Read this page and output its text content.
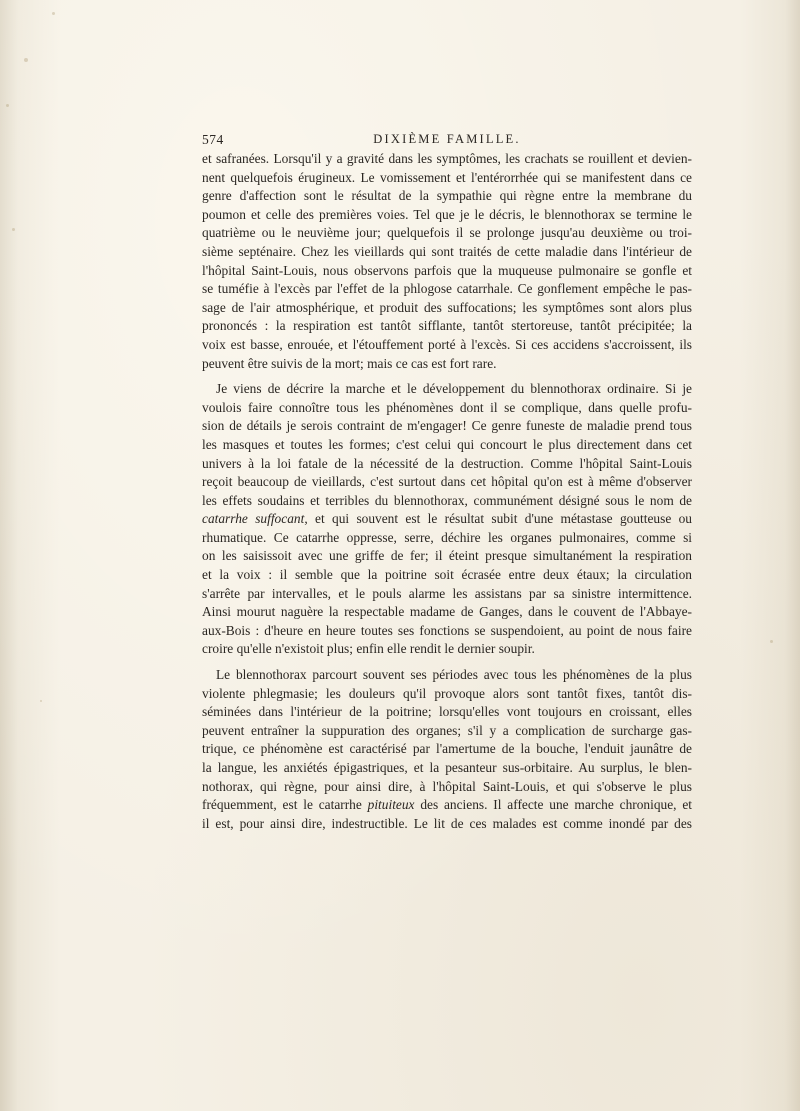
574	DIXIÈME FAMILLE.
et safranées. Lorsqu'il y a gravité dans les symptômes, les crachats se rouillent et devien-
nent quelquefois érugineux. Le vomissement et l'entérorrhée qui se manifestent dans ce
genre d'affection sont le résultat de la sympathie qui règne entre la membrane du
poumon et celle des premières voies. Tel que je le décris, le blennothorax se termine le
quatrième ou le neuvième jour; quelquefois il se prolonge jusqu'au deuxième ou troi-
sième septénaire. Chez les vieillards qui sont traités de cette maladie dans l'intérieur de
l'hôpital Saint-Louis, nous observons parfois que la muqueuse pulmonaire se gonfle et
se tuméfie à l'excès par l'effet de la phlogose catarrhale. Ce gonflement empêche le pas-
sage de l'air atmosphérique, et produit des suffocations; les symptômes sont alors plus
prononcés : la respiration est tantôt sifflante, tantôt stertoreuse, tantôt précipitée; la
voix est basse, enrouée, et l'étouffement porté à l'excès. Si ces accidens s'accroissent, ils
peuvent être suivis de la mort; mais ce cas est fort rare.
Je viens de décrire la marche et le développement du blennothorax ordinaire. Si je
voulois faire connoître tous les phénomènes dont il se complique, dans quelle profu-
sion de détails je serois contraint de m'engager! Ce genre funeste de maladie prend tous
les masques et toutes les formes; c'est celui qui concourt le plus directement dans cet
univers à la loi fatale de la nécessité de la destruction. Comme l'hôpital Saint-Louis
reçoit beaucoup de vieillards, c'est surtout dans cet hôpital qu'on est à même d'observer
les effets soudains et terribles du blennothorax, communément désigné sous le nom de
catarrhe suffocant, et qui souvent est le résultat subit d'une métastase goutteuse ou
rhumatique. Ce catarrhe oppresse, serre, déchire les organes pulmonaires, comme si
on les saisissoit avec une griffe de fer; il éteint presque simultanément la respiration
et la voix : il semble que la poitrine soit écrasée entre deux étaux; la circulation
s'arrête par intervalles, et le pouls alarme les assistans par sa sinistre intermittence.
Ainsi mourut naguère la respectable madame de Ganges, dans le couvent de l'Abbaye-
aux-Bois : d'heure en heure toutes ses fonctions se suspendoient, au point de nous faire
croire qu'elle n'existoit plus; enfin elle rendit le dernier soupir.
Le blennothorax parcourt souvent ses périodes avec tous les phénomènes de la plus
violente phlegmasie; les douleurs qu'il provoque alors sont tantôt fixes, tantôt dis-
séminées dans l'intérieur de la poitrine; lorsqu'elles vont toujours en croissant, elles
peuvent entraîner la suppuration des organes; s'il y a complication de surcharge gas-
trique, ce phénomène est caractérisé par l'amertume de la bouche, l'enduit jaunâtre de
la langue, les anxiétés épigastriques, et la pesanteur sus-orbitaire. Au surplus, le blen-
nothorax, qui règne, pour ainsi dire, à l'hôpital Saint-Louis, et qui s'observe le plus
fréquemment, est le catarrhe pituiteux des anciens. Il affecte une marche chronique, et
il est, pour ainsi dire, indestructible. Le lit de ces malades est comme inondé par des
